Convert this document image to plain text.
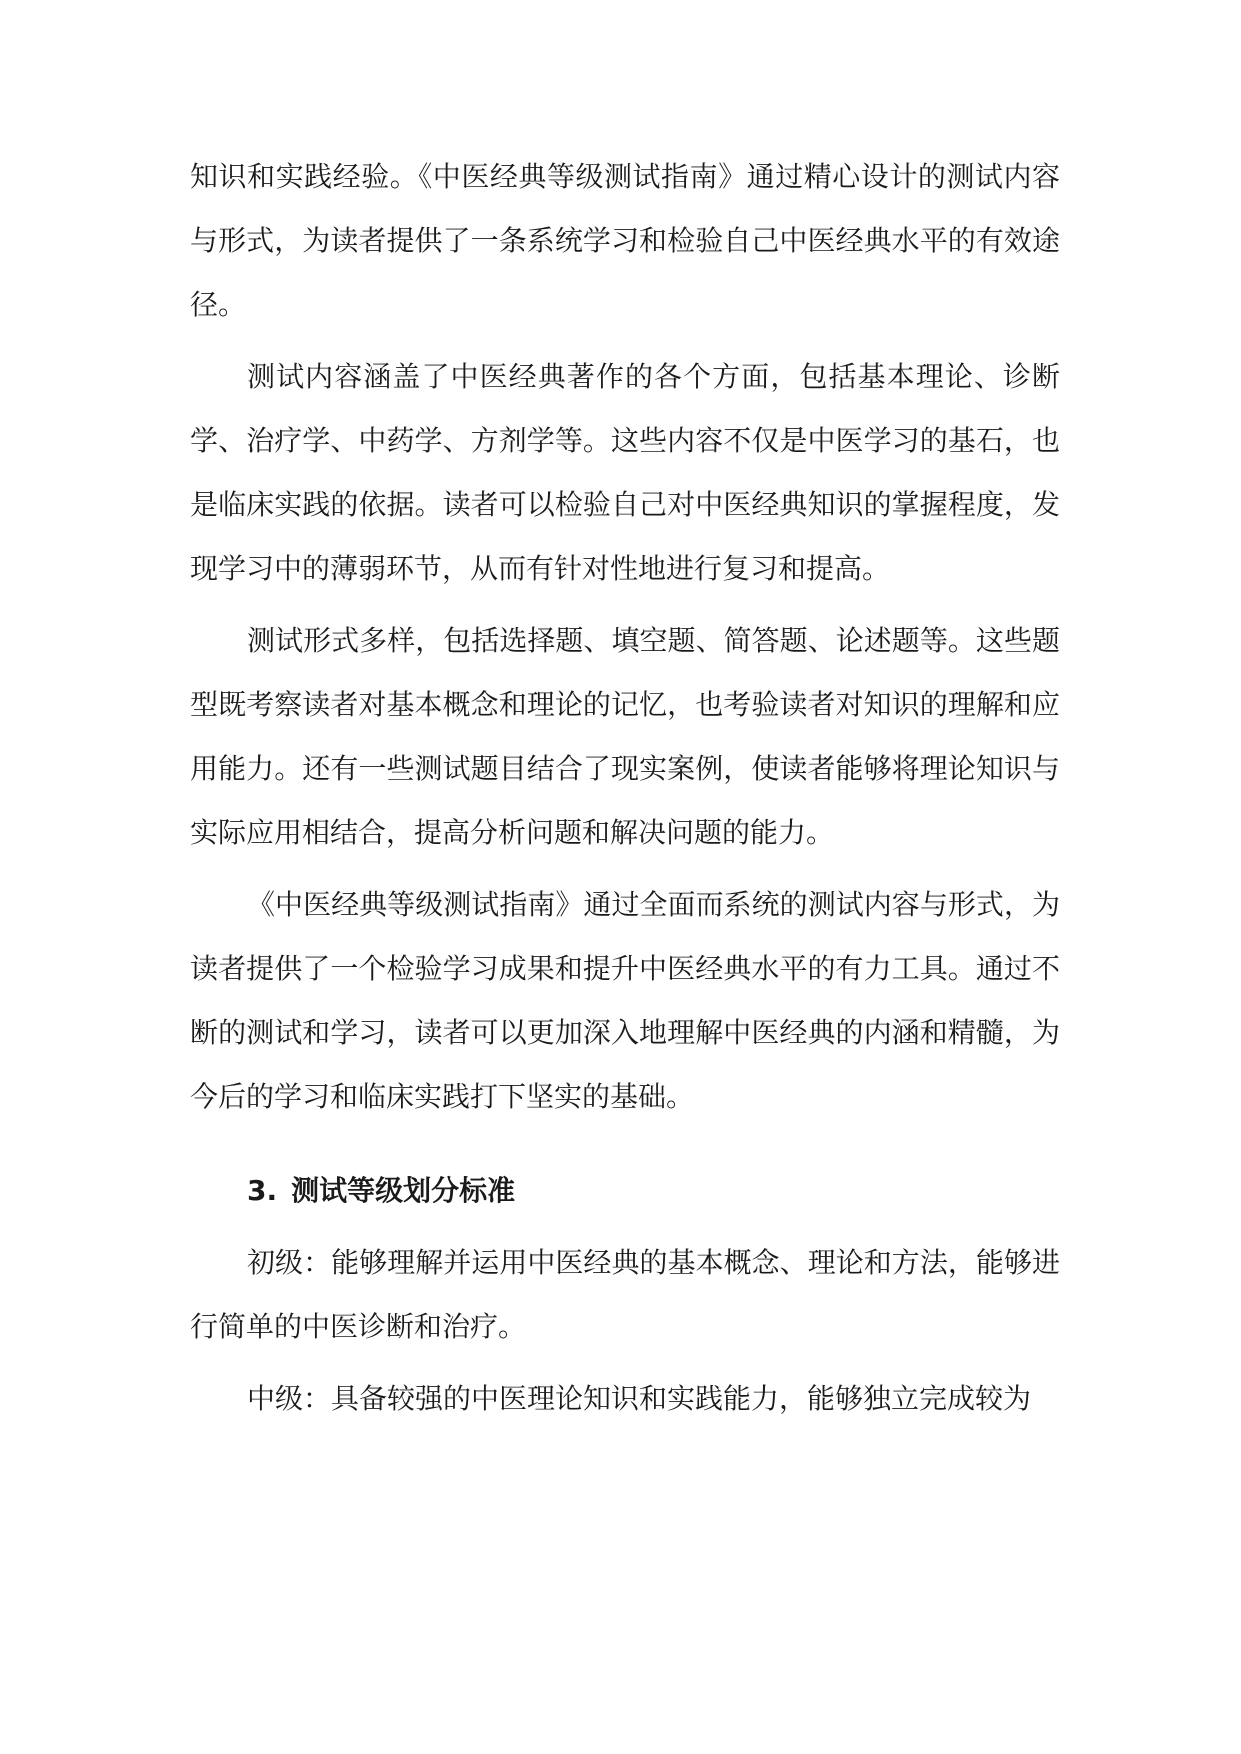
知识和实践经验。《中医经典等级测试指南》通过精心设计的测试内容与形式，为读者提供了一条系统学习和检验自己中医经典水平的有效途径。

测试内容涵盖了中医经典著作的各个方面，包括基本理论、诊断学、治疗学、中药学、方剂学等。这些内容不仅是中医学习的基石，也是临床实践的依据。读者可以检验自己对中医经典知识的掌握程度，发现学习中的薄弱环节，从而有针对性地进行复习和提高。

测试形式多样，包括选择题、填空题、简答题、论述题等。这些题型既考察读者对基本概念和理论的记忆，也考验读者对知识的理解和应用能力。还有一些测试题目结合了现实案例，使读者能够将理论知识与实际应用相结合，提高分析问题和解决问题的能力。

《中医经典等级测试指南》通过全面而系统的测试内容与形式，为读者提供了一个检验学习成果和提升中医经典水平的有力工具。通过不断的测试和学习，读者可以更加深入地理解中医经典的内涵和精髓，为今后的学习和临床实践打下坚实的基础。

3. 测试等级划分标准

初级：能够理解并运用中医经典的基本概念、理论和方法，能够进行简单的中医诊断和治疗。

中级：具备较强的中医理论知识和实践能力，能够独立完成较为
